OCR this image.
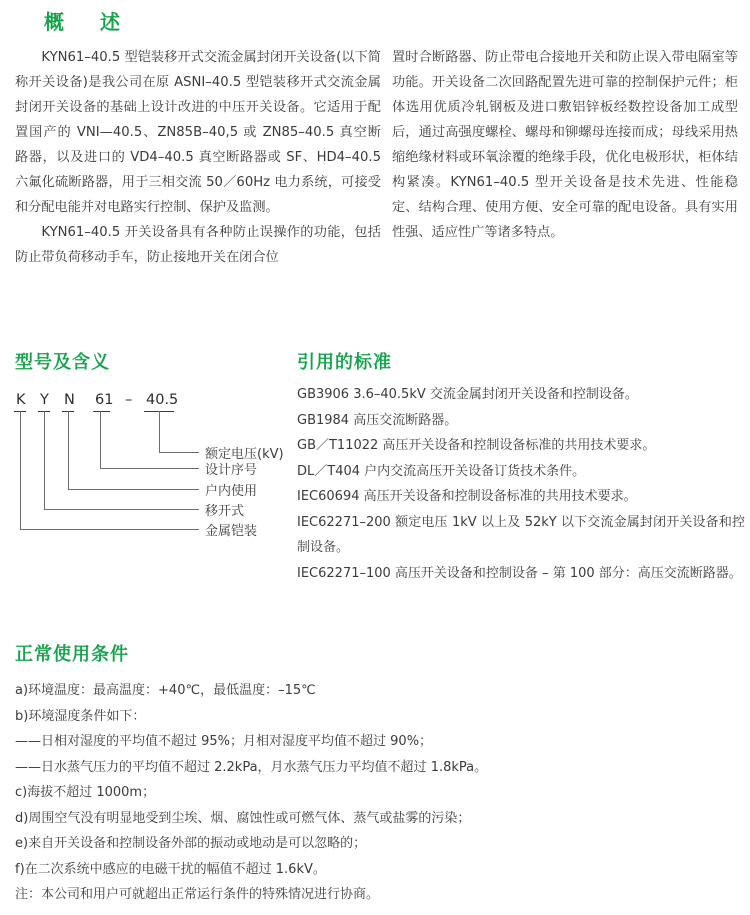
概　述

KYN61–40.5 型铠装移开式交流金属封闭开关设备(以下简称开关设备)是我公司在原 ASNI–40.5 型铠装移开式交流金属封闭开关设备的基础上设计改进的中压开关设备。它适用于配置国产的 VNI—40.5、ZN85B–40,5 或 ZN85–40.5 真空断路器，以及进口的 VD4–40.5 真空断路器或 SF、HD4–40.5 六氟化硫断路器，用于三相交流 50／60Hz 电力系统，可接受和分配电能并对电路实行控制、保护及监测。

KYN61–40.5 开关设备具有各种防止误操作的功能，包括防止带负荷移动手车，防止接地开关在闭合位

置时合断路器、防止带电合接地开关和防止误入带电隔室等功能。开关设备二次回路配置先进可靠的控制保护元件；柜体选用优质冷轧钢板及进口敷铝锌板经数控设备加工成型后，通过高强度螺栓、螺母和铆螺母连接而成；母线采用热缩绝缘材料或环氧涂覆的绝缘手段，优化电极形状，柜体结构紧凑。KYN61–40.5 型开关设备是技术先进、性能稳定、结构合理、使用方便、安全可靠的配电设备。具有实用性强、适应性广等诸多特点。

型号及含义	引用的标准
K Y N 61 – 40.5
额定电压(kV)
设计序号
户内使用
移开式
金属铠装

GB3906 3.6–40.5kV 交流金属封闭开关设备和控制设备。

GB1984 高压交流断路器。

GB／T11022 高压开关设备和控制设备标准的共用技术要求。

DL／T404 户内交流高压开关设备订货技术条件。

IEC60694 高压开关设备和控制设备标准的共用技术要求。

IEC62271–200 额定电压 1kV 以上及 52kY 以下交流金属封闭开关设备和控制设备。

IEC62271–100 高压开关设备和控制设备 – 第 100 部分：高压交流断路器。

正常使用条件

a)环境温度：最高温度：+40℃，最低温度：–15℃

b)环境湿度条件如下：

——日相对湿度的平均值不超过 95%；月相对湿度平均值不超过 90%；

——日水蒸气压力的平均值不超过 2.2kPa，月水蒸气压力平均值不超过 1.8kPa。

c)海拔不超过 1000m；

d)周围空气没有明显地受到尘埃、烟、腐蚀性或可燃气体、蒸气或盐雾的污染；

e)来自开关设备和控制设备外部的振动或地动是可以忽略的；

f)在二次系统中感应的电磁干扰的幅值不超过 1.6kV。

注：本公司和用户可就超出正常运行条件的特殊情况进行协商。
